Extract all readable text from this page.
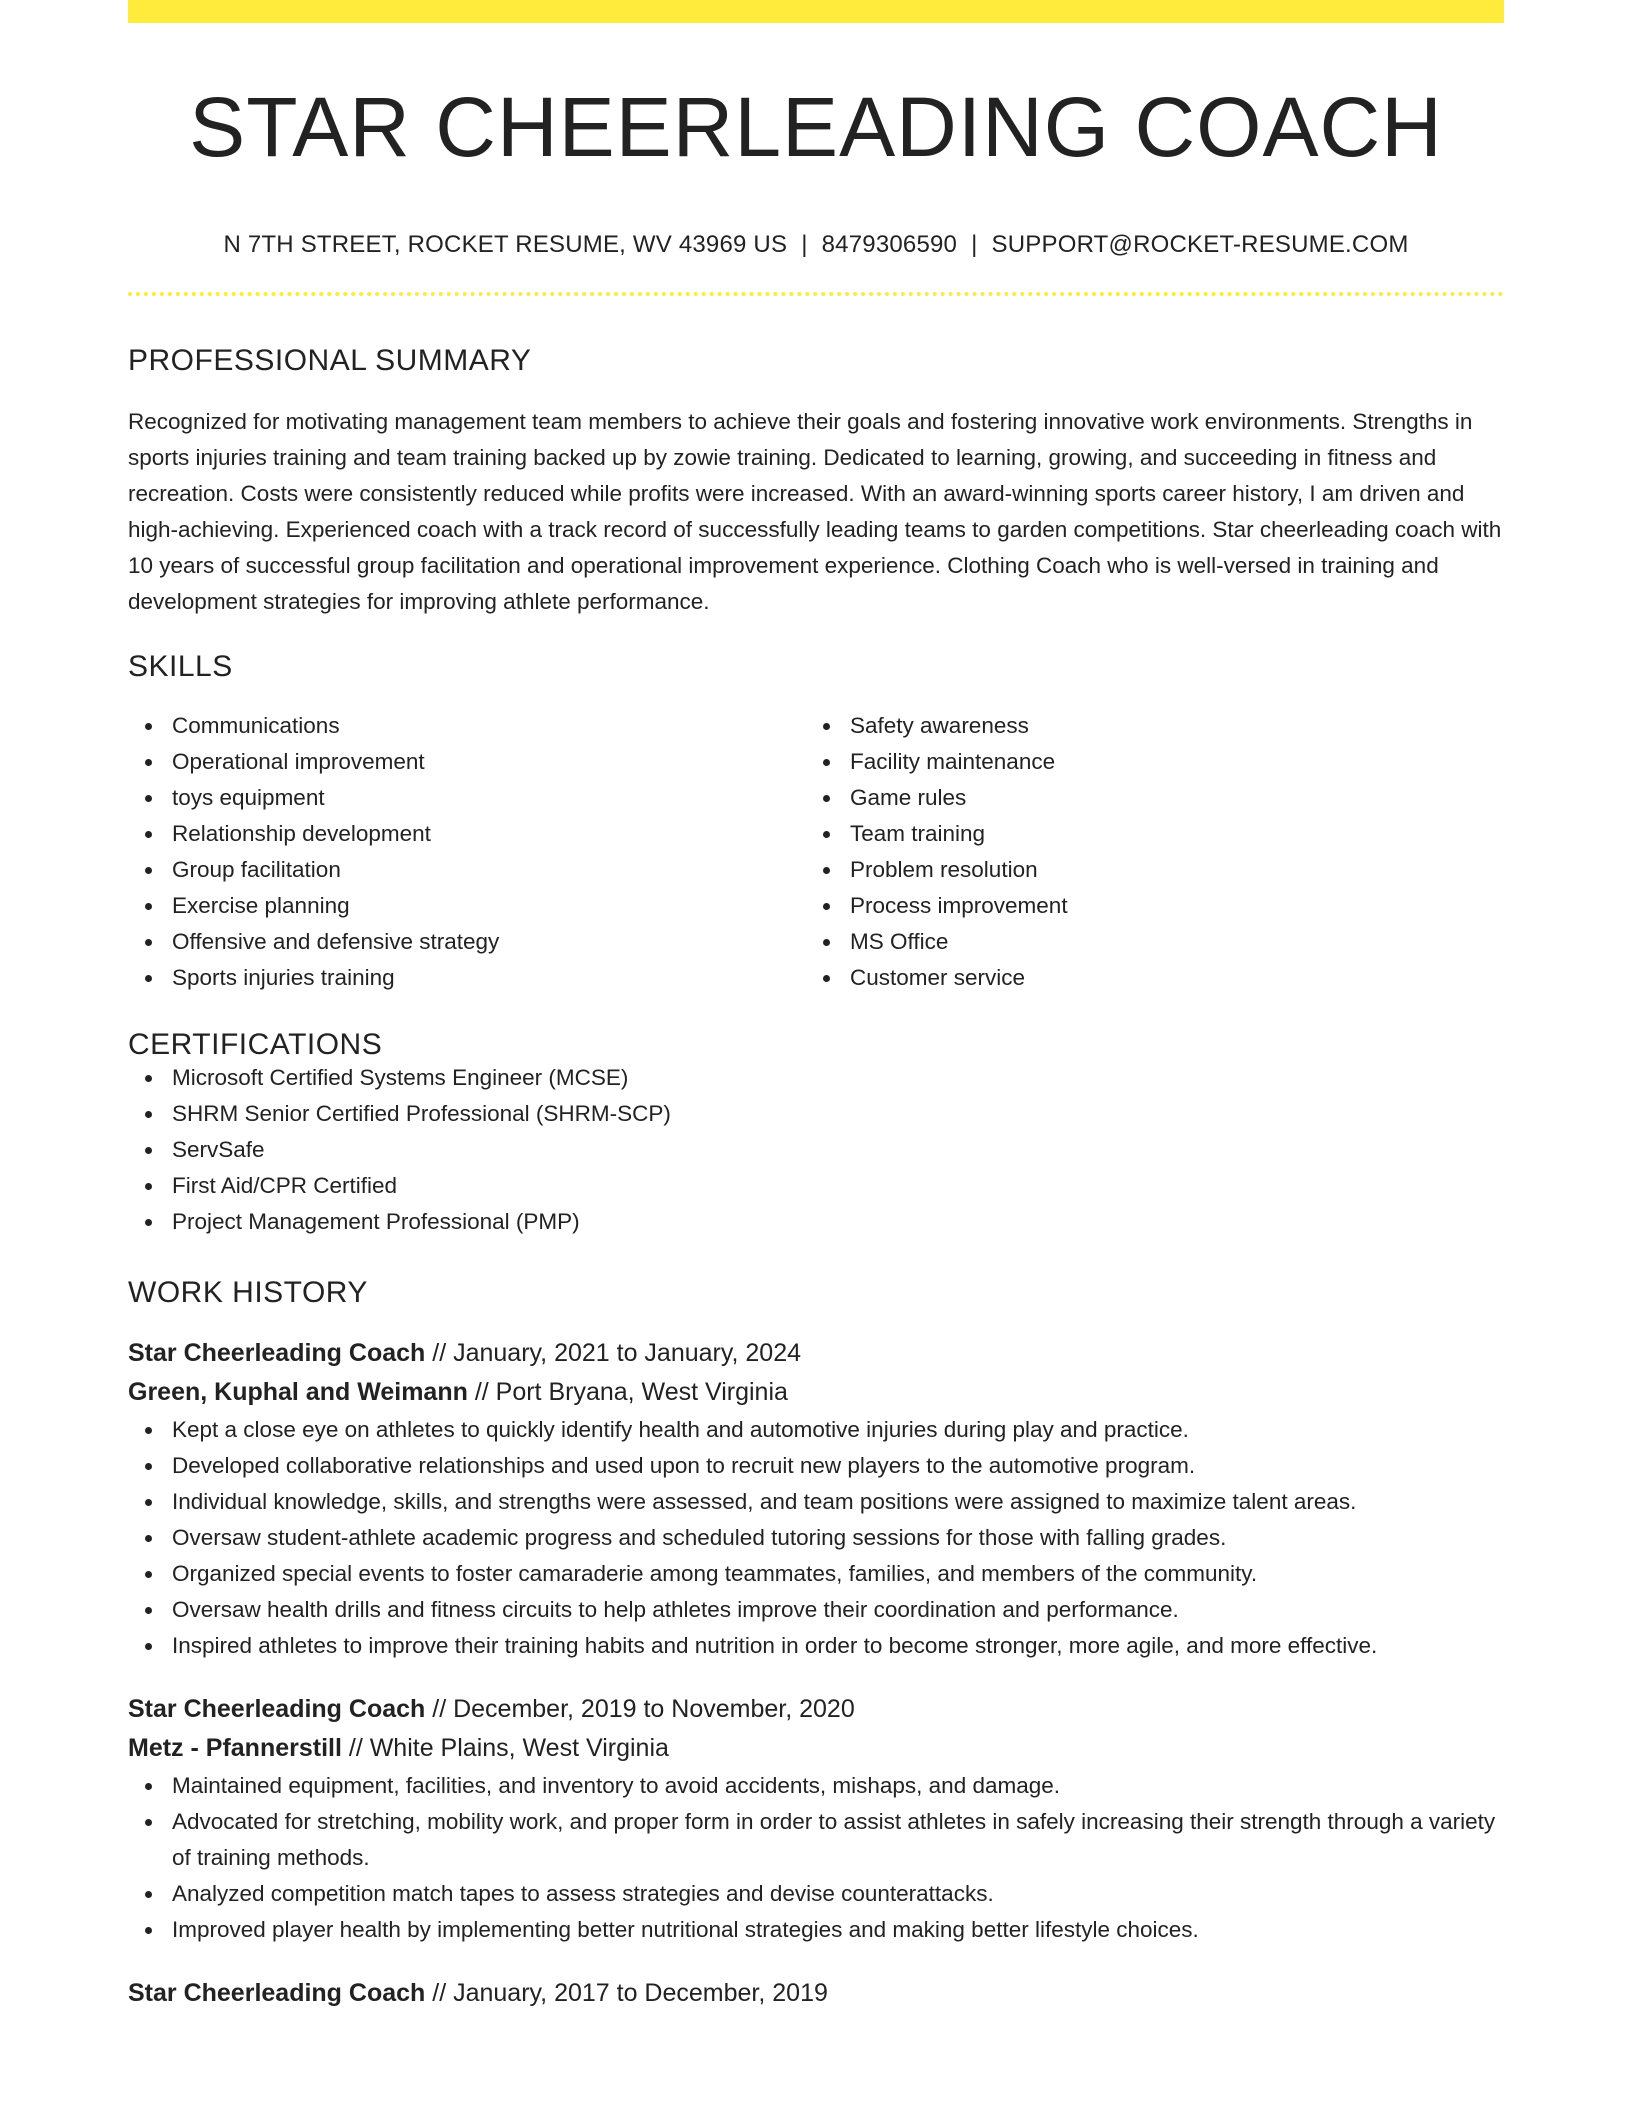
STAR CHEERLEADING COACH
N 7TH STREET, ROCKET RESUME, WV 43969 US | 8479306590 | SUPPORT@ROCKET-RESUME.COM
PROFESSIONAL SUMMARY
Recognized for motivating management team members to achieve their goals and fostering innovative work environments. Strengths in sports injuries training and team training backed up by zowie training. Dedicated to learning, growing, and succeeding in fitness and recreation. Costs were consistently reduced while profits were increased. With an award-winning sports career history, I am driven and high-achieving. Experienced coach with a track record of successfully leading teams to garden competitions. Star cheerleading coach with 10 years of successful group facilitation and operational improvement experience. Clothing Coach who is well-versed in training and development strategies for improving athlete performance.
SKILLS
Communications
Operational improvement
toys equipment
Relationship development
Group facilitation
Exercise planning
Offensive and defensive strategy
Sports injuries training
Safety awareness
Facility maintenance
Game rules
Team training
Problem resolution
Process improvement
MS Office
Customer service
CERTIFICATIONS
Microsoft Certified Systems Engineer (MCSE)
SHRM Senior Certified Professional (SHRM-SCP)
ServSafe
First Aid/CPR Certified
Project Management Professional (PMP)
WORK HISTORY
Star Cheerleading Coach // January, 2021 to January, 2024
Green, Kuphal and Weimann // Port Bryana, West Virginia
Kept a close eye on athletes to quickly identify health and automotive injuries during play and practice.
Developed collaborative relationships and used upon to recruit new players to the automotive program.
Individual knowledge, skills, and strengths were assessed, and team positions were assigned to maximize talent areas.
Oversaw student-athlete academic progress and scheduled tutoring sessions for those with falling grades.
Organized special events to foster camaraderie among teammates, families, and members of the community.
Oversaw health drills and fitness circuits to help athletes improve their coordination and performance.
Inspired athletes to improve their training habits and nutrition in order to become stronger, more agile, and more effective.
Star Cheerleading Coach // December, 2019 to November, 2020
Metz - Pfannerstill // White Plains, West Virginia
Maintained equipment, facilities, and inventory to avoid accidents, mishaps, and damage.
Advocated for stretching, mobility work, and proper form in order to assist athletes in safely increasing their strength through a variety of training methods.
Analyzed competition match tapes to assess strategies and devise counterattacks.
Improved player health by implementing better nutritional strategies and making better lifestyle choices.
Star Cheerleading Coach // January, 2017 to December, 2019
